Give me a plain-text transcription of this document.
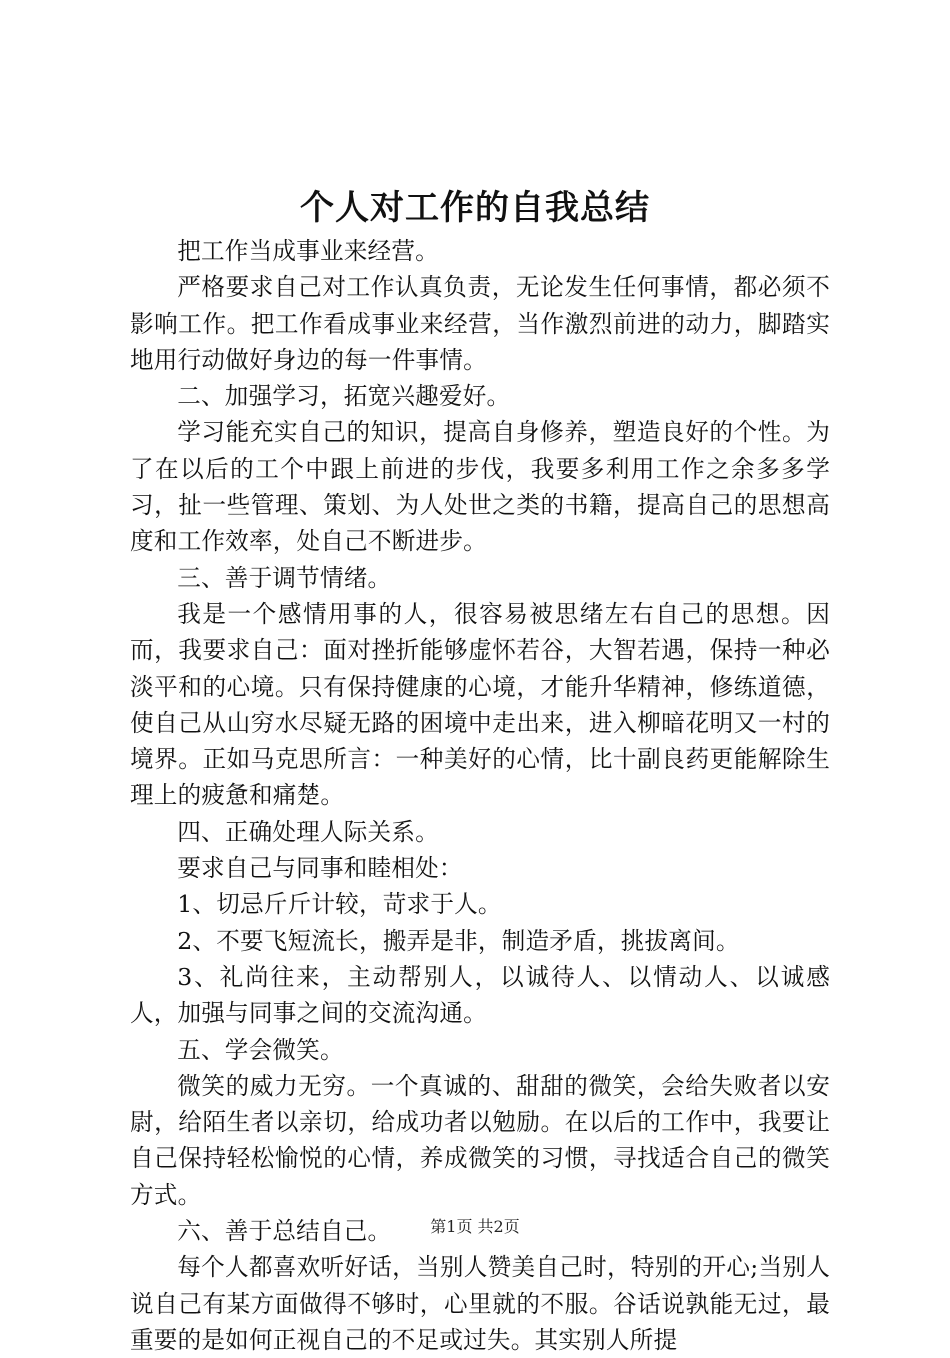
个人对工作的自我总结

把工作当成事业来经营。

严格要求自己对工作认真负责，无论发生任何事情，都必须不影响工作。把工作看成事业来经营，当作激烈前进的动力，脚踏实地用行动做好身边的每一件事情。

二、加强学习，拓宽兴趣爱好。

学习能充实自己的知识，提高自身修养，塑造良好的个性。为了在以后的工个中跟上前进的步伐，我要多利用工作之余多多学习，扯一些管理、策划、为人处世之类的书籍，提高自己的思想高度和工作效率，处自己不断进步。

三、善于调节情绪。

我是一个感情用事的人，很容易被思绪左右自己的思想。因而，我要求自己：面对挫折能够虚怀若谷，大智若遇，保持一种必淡平和的心境。只有保持健康的心境，才能升华精神，修练道德，使自己从山穷水尽疑无路的困境中走出来，进入柳暗花明又一村的境界。正如马克思所言：一种美好的心情，比十副良药更能解除生理上的疲惫和痛楚。

四、正确处理人际关系。

要求自己与同事和睦相处：

1、切忌斤斤计较，苛求于人。

2、不要飞短流长，搬弄是非，制造矛盾，挑拔离间。

3、礼尚往来，主动帮别人，以诚待人、以情动人、以诚感人，加强与同事之间的交流沟通。

五、学会微笑。

微笑的威力无穷。一个真诚的、甜甜的微笑，会给失败者以安尉，给陌生者以亲切，给成功者以勉励。在以后的工作中，我要让自己保持轻松愉悦的心情，养成微笑的习惯，寻找适合自己的微笑方式。

六、善于总结自己。

每个人都喜欢听好话，当别人赞美自己时，特别的开心;当别人说自己有某方面做得不够时，心里就的不服。谷话说孰能无过，最重要的是如何正视自己的不足或过失。其实别人所提

第1页 共2页
